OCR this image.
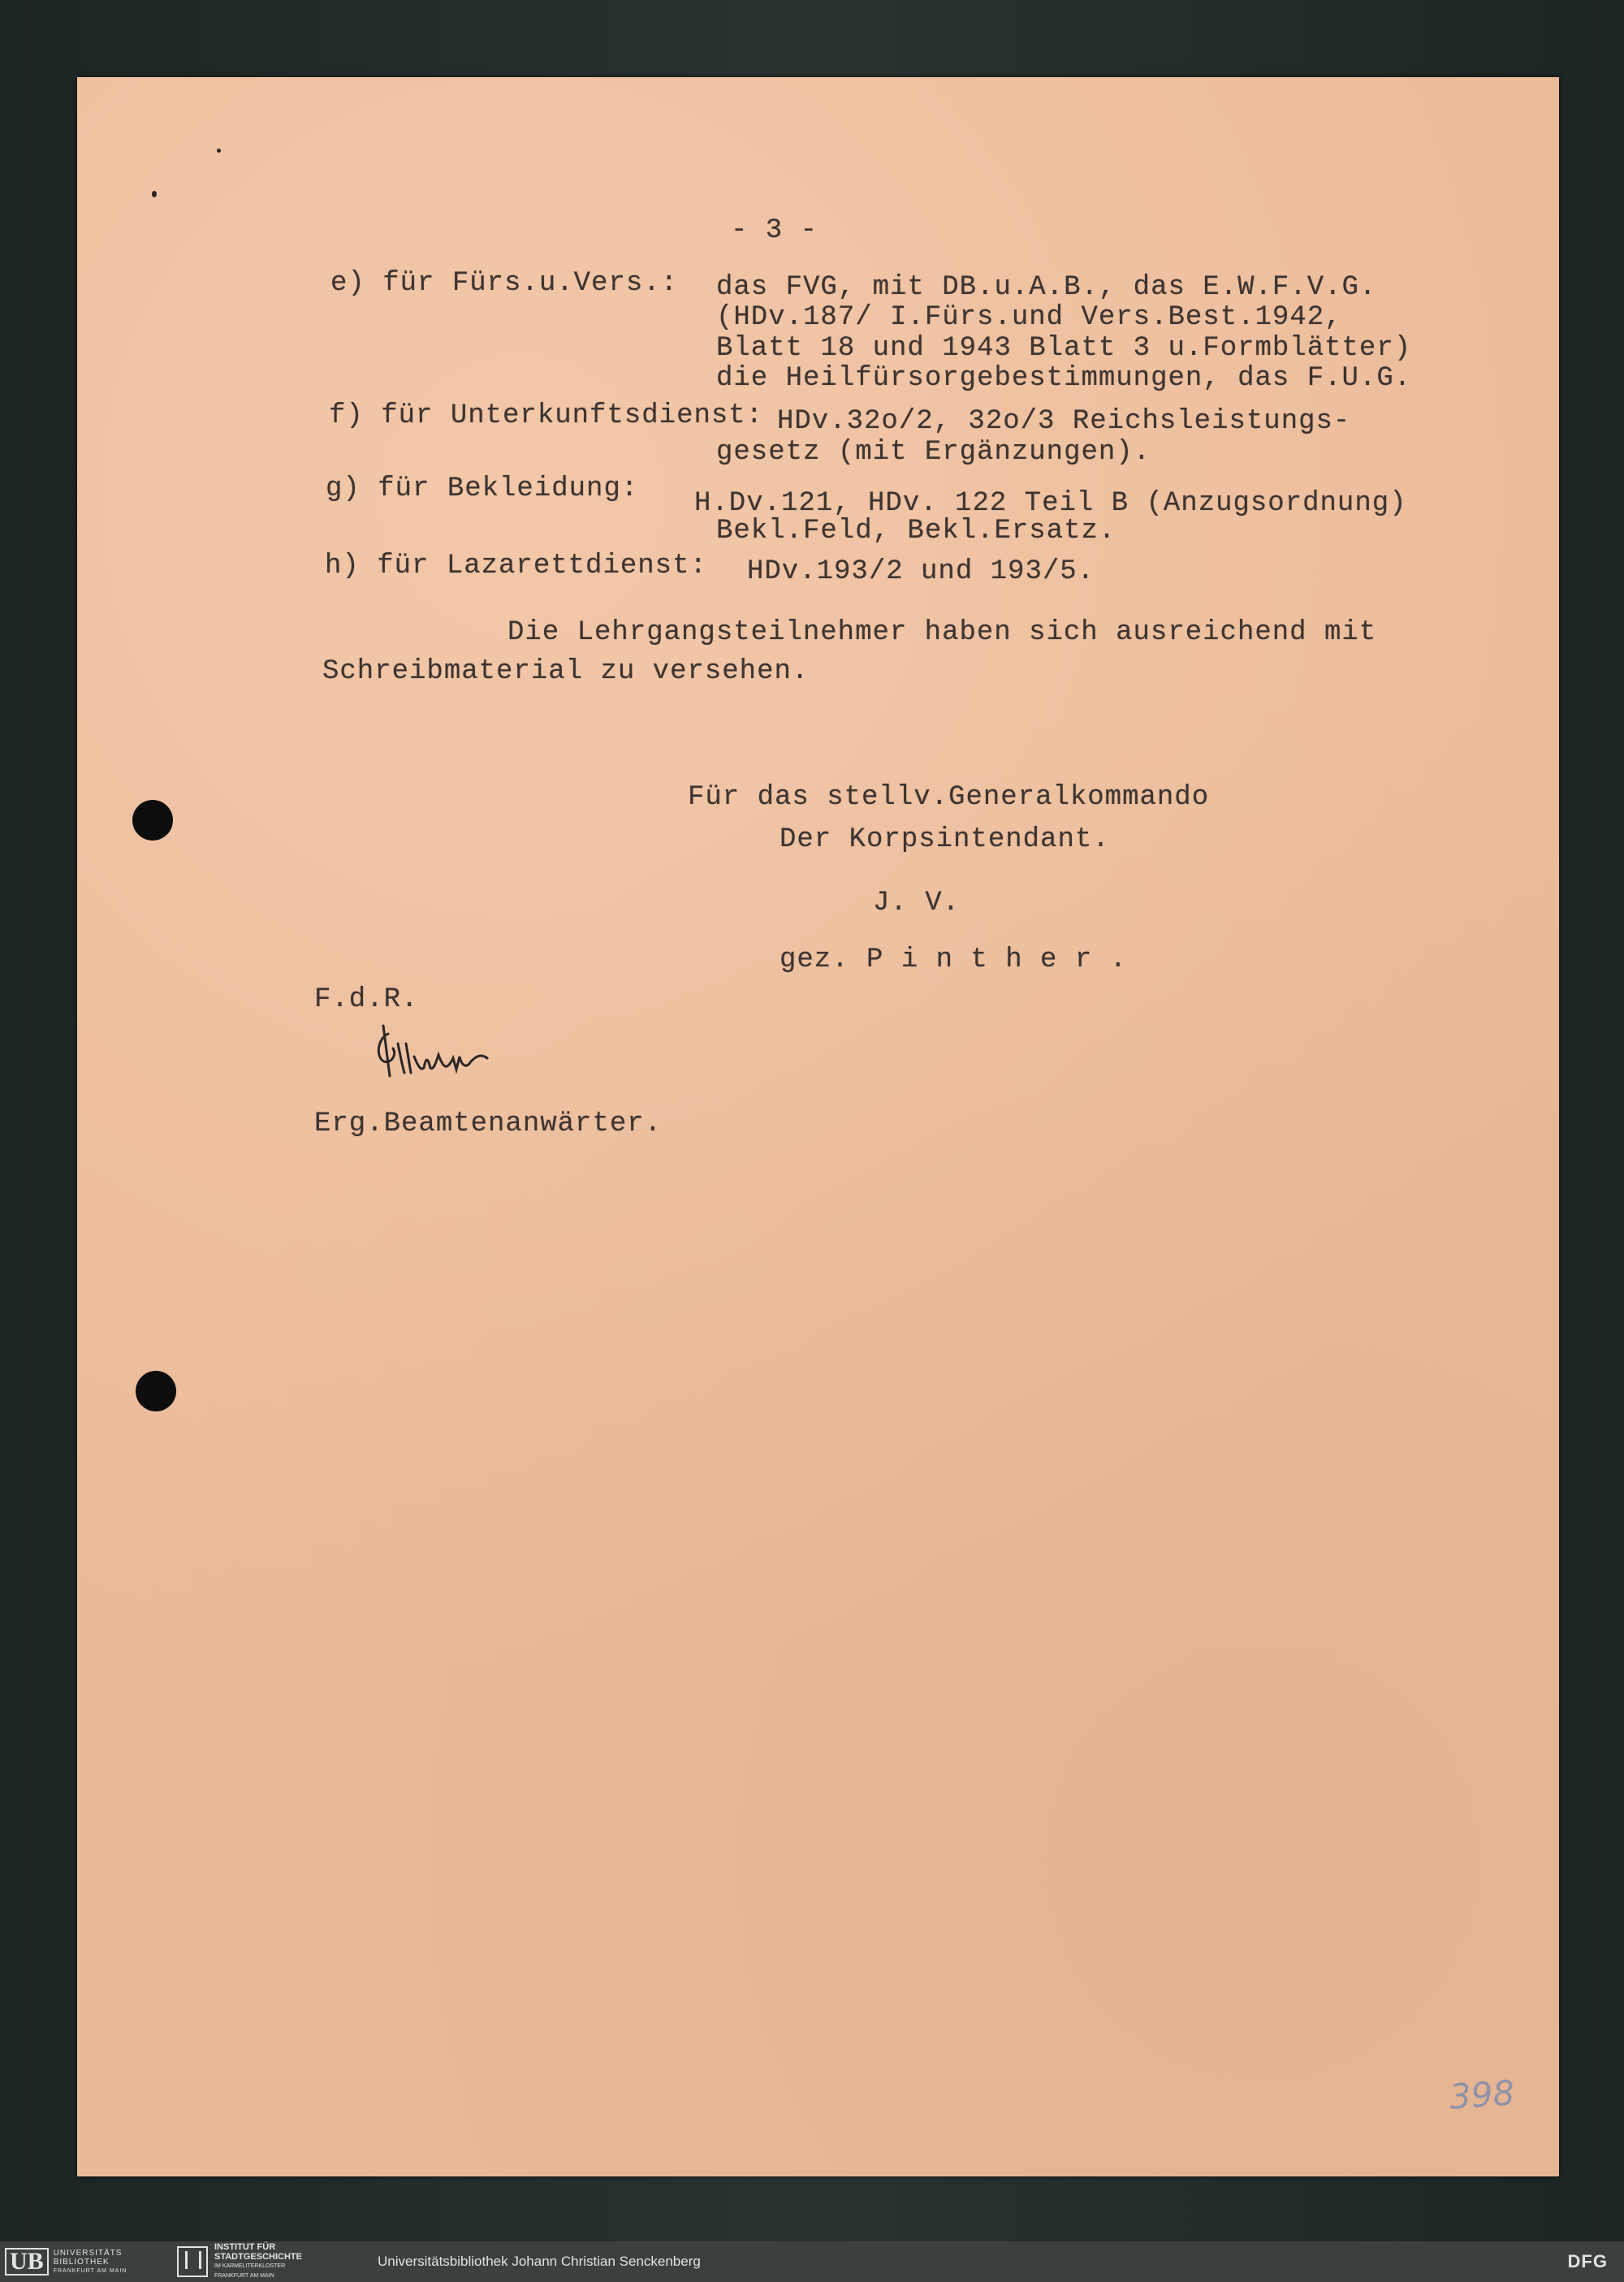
- 3 -
e) für Fürs.u.Vers.: das FVG, mit DB.u.A.B., das E.W.F.V.G.
(HDv.187/ I.Fürs.und Vers.Best.1942,
Blatt 18 und 1943 Blatt 3 u.Formblätter)
die Heilfürsorgebestimmungen, das F.U.G.
f) für Unterkunftsdienst: HDv.32o/2, 32o/3 Reichsleistungs-
gesetz (mit Ergänzungen).
g) für Bekleidung: H.Dv.121, HDv. 122 Teil B (Anzugsordnung)
Bekl.Feld, Bekl.Ersatz.
h) für Lazarettdienst: HDv.193/2 und 193/5.
Die Lehrgangsteilnehmer haben sich ausreichend mit
Schreibmaterial zu versehen.
Für das stellv.Generalkommando
Der Korpsintendant.
J. V.
gez. P i n t h e r .
F.d.R.
Erg.Beamtenanwärter.
398
UB	UNIVERSITÄTS
BIBLIOTHEK
FRANKFURT AM MAIN
INSTITUT FÜR
STADTGESCHICHTE
IM KARMELITERKLOSTER
FRANKFURT AM MAIN
Universitätsbibliothek Johann Christian Senckenberg	DFG
